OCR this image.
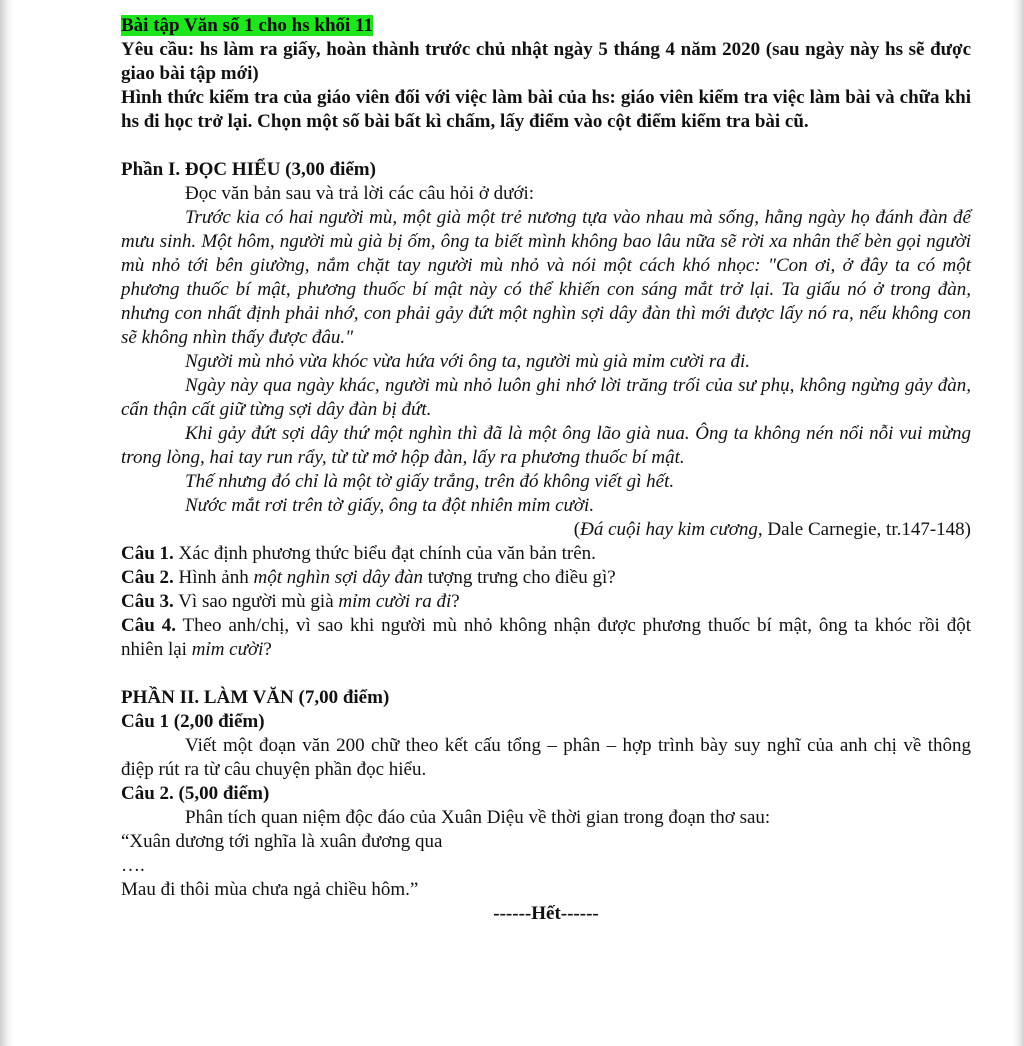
Bài tập Văn số 1 cho hs khối 11

Yêu cầu: hs làm ra giấy, hoàn thành trước chủ nhật ngày 5 tháng 4 năm 2020 (sau ngày này hs sẽ được giao bài tập mới)

Hình thức kiểm tra của giáo viên đối với việc làm bài của hs: giáo viên kiểm tra việc làm bài và chữa khi hs đi học trở lại. Chọn một số bài bất kì chấm, lấy điểm vào cột điểm kiểm tra bài cũ.

Phần I. ĐỌC HIỂU (3,00 điểm)

Đọc văn bản sau và trả lời các câu hỏi ở dưới:

Trước kia có hai người mù, một già một trẻ nương tựa vào nhau mà sống, hằng ngày họ đánh đàn để mưu sinh. Một hôm, người mù già bị ốm, ông ta biết mình không bao lâu nữa sẽ rời xa nhân thế bèn gọi người mù nhỏ tới bên giường, nắm chặt tay người mù nhỏ và nói một cách khó nhọc: "Con ơi, ở đây ta có một phương thuốc bí mật, phương thuốc bí mật này có thể khiến con sáng mắt trở lại. Ta giấu nó ở trong đàn, nhưng con nhất định phải nhớ, con phải gảy đứt một nghìn sợi dây đàn thì mới được lấy nó ra, nếu không con sẽ không nhìn thấy được đâu."

Người mù nhỏ vừa khóc vừa hứa với ông ta, người mù già mỉm cười ra đi.

Ngày này qua ngày khác, người mù nhỏ luôn ghi nhớ lời trăng trối của sư phụ, không ngừng gảy đàn, cẩn thận cất giữ từng sợi dây đàn bị đứt.

Khi gảy đứt sợi dây thứ một nghìn thì đã là một ông lão già nua. Ông ta không nén nổi nỗi vui mừng trong lòng, hai tay run rẩy, từ từ mở hộp đàn, lấy ra phương thuốc bí mật.

Thế nhưng đó chỉ là một tờ giấy trắng, trên đó không viết gì hết.

Nước mắt rơi trên tờ giấy, ông ta đột nhiên mỉm cười.

(Đá cuội hay kim cương, Dale Carnegie, tr.147-148)

Câu 1. Xác định phương thức biểu đạt chính của văn bản trên.

Câu 2. Hình ảnh một nghìn sợi dây đàn tượng trưng cho điều gì?

Câu 3. Vì sao người mù già mỉm cười ra đi?

Câu 4. Theo anh/chị, vì sao khi người mù nhỏ không nhận được phương thuốc bí mật, ông ta khóc rồi đột nhiên lại mỉm cười?

PHẦN II. LÀM VĂN (7,00 điểm)

Câu 1 (2,00 điểm)

Viết một đoạn văn 200 chữ theo kết cấu tổng – phân – hợp trình bày suy nghĩ của anh chị về thông điệp rút ra từ câu chuyện phần đọc hiểu.

Câu 2. (5,00 điểm)

Phân tích quan niệm độc đáo của Xuân Diệu về thời gian trong đoạn thơ sau:

“Xuân dương tới nghĩa là xuân đương qua

….

Mau đi thôi mùa chưa ngả chiều hôm.”

------Hết------
